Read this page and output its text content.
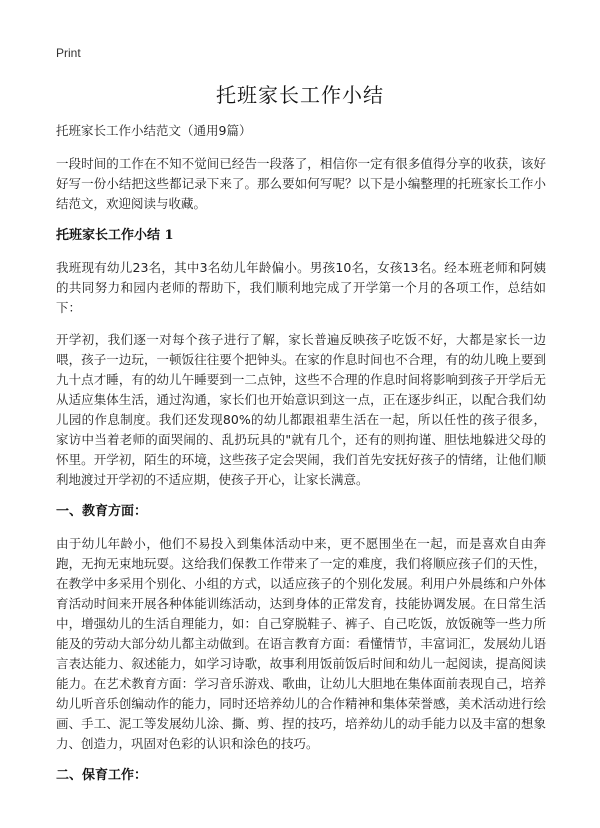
Print
托班家长工作小结

托班家长工作小结范文（通用9篇）

一段时间的工作在不知不觉间已经告一段落了，相信你一定有很多值得分享的收获，该好好写一份小结把这些都记录下来了。那么要如何写呢？以下是小编整理的托班家长工作小结范文，欢迎阅读与收藏。

托班家长工作小结 1

我班现有幼儿23名，其中3名幼儿年龄偏小。男孩10名，女孩13名。经本班老师和阿姨的共同努力和园内老师的帮助下，我们顺利地完成了开学第一个月的各项工作，总结如下：

开学初，我们逐一对每个孩子进行了解，家长普遍反映孩子吃饭不好，大都是家长一边喂，孩子一边玩，一顿饭往往要个把钟头。在家的作息时间也不合理，有的幼儿晚上要到九十点才睡，有的幼儿午睡要到一二点钟，这些不合理的作息时间将影响到孩子开学后无从适应集体生活，通过沟通，家长们也开始意识到这一点，正在逐步纠正，以配合我们幼儿园的作息制度。我们还发现80%的幼儿都跟祖辈生活在一起，所以任性的孩子很多，家访中当着老师的面哭闹的、乱扔玩具的"就有几个，还有的则拘谨、胆怯地躲进父母的怀里。开学初，陌生的环境，这些孩子定会哭闹，我们首先安抚好孩子的情绪，让他们顺利地渡过开学初的不适应期，使孩子开心，让家长满意。

一、教育方面：

由于幼儿年龄小，他们不易投入到集体活动中来，更不愿围坐在一起，而是喜欢自由奔跑，无拘无束地玩耍。这给我们保教工作带来了一定的难度，我们将顺应孩子们的天性，在教学中多采用个别化、小组的方式，以适应孩子的个别化发展。利用户外晨练和户外体育活动时间来开展各种体能训练活动，达到身体的正常发育，技能协调发展。在日常生活中，增强幼儿的生活自理能力，如：自己穿脱鞋子、裤子、自己吃饭，放饭碗等一些力所能及的劳动大部分幼儿都主动做到。在语言教育方面：看懂情节，丰富词汇，发展幼儿语言表达能力、叙述能力，如学习诗歌，故事利用饭前饭后时间和幼儿一起阅读，提高阅读能力。在艺术教育方面：学习音乐游戏、歌曲，让幼儿大胆地在集体面前表现自己，培养幼儿听音乐创编动作的能力，同时还培养幼儿的合作精神和集体荣誉感，美术活动进行绘画、手工、泥工等发展幼儿涂、撕、剪、捏的技巧，培养幼儿的动手能力以及丰富的想象力、创造力，巩固对色彩的认识和涂色的技巧。

二、保育工作：
